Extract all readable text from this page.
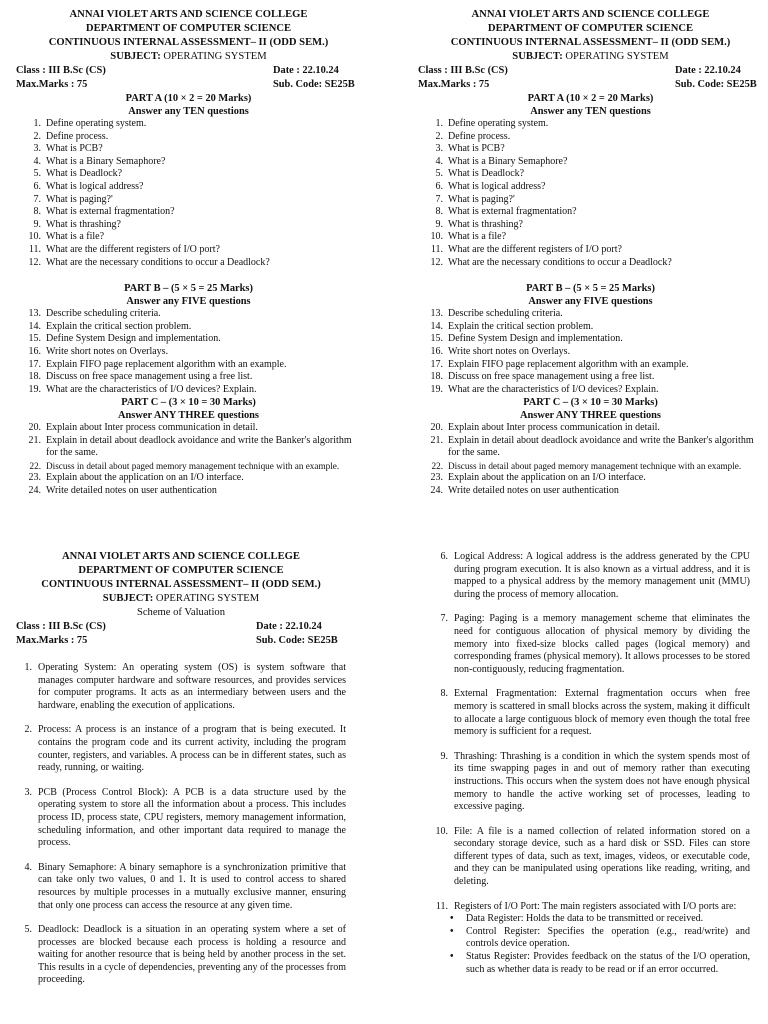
ANNAI VIOLET ARTS AND SCIENCE COLLEGE
DEPARTMENT OF COMPUTER SCIENCE
CONTINUOUS INTERNAL ASSESSMENT– II (ODD SEM.)
SUBJECT: OPERATING SYSTEM
Class : III B.Sc (CS)	Date : 22.10.24
Max.Marks : 75	Sub. Code: SE25B
PART A (10 × 2 = 20 Marks)
Answer any TEN questions
1. Define operating system.
2. Define process.
3. What is PCB?
4. What is a Binary Semaphore?
5. What is Deadlock?
6. What is logical address?
7. What is paging?'
8. What is external fragmentation?
9. What is thrashing?
10. What is a file?
11. What are the different registers of I/O port?
12. What are the necessary conditions to occur a Deadlock?
PART B – (5 × 5 = 25 Marks)
Answer any FIVE questions
13. Describe scheduling criteria.
14. Explain the critical section problem.
15. Define System Design and implementation.
16. Write short notes on Overlays.
17. Explain FIFO page replacement algorithm with an example.
18. Discuss on free space management using a free list.
19. What are the characteristics of I/O devices? Explain.
PART C – (3 × 10 = 30 Marks)
Answer ANY THREE questions
20. Explain about Inter process communication in detail.
21. Explain in detail about deadlock avoidance and write the Banker's algorithm for the same.
22. Discuss in detail about paged memory management technique with an example.
23. Explain about the application on an I/O interface.
24. Write detailed notes on user authentication
ANNAI VIOLET ARTS AND SCIENCE COLLEGE
DEPARTMENT OF COMPUTER SCIENCE
CONTINUOUS INTERNAL ASSESSMENT– II (ODD SEM.)
SUBJECT: OPERATING SYSTEM
Class : III B.Sc (CS)	Date : 22.10.24
Max.Marks : 75	Sub. Code: SE25B
PART A (10 × 2 = 20 Marks)
Answer any TEN questions
1. Define operating system.
2. Define process.
3. What is PCB?
4. What is a Binary Semaphore?
5. What is Deadlock?
6. What is logical address?
7. What is paging?'
8. What is external fragmentation?
9. What is thrashing?
10. What is a file?
11. What are the different registers of I/O port?
12. What are the necessary conditions to occur a Deadlock?
PART B – (5 × 5 = 25 Marks)
Answer any FIVE questions
13. Describe scheduling criteria.
14. Explain the critical section problem.
15. Define System Design and implementation.
16. Write short notes on Overlays.
17. Explain FIFO page replacement algorithm with an example.
18. Discuss on free space management using a free list.
19. What are the characteristics of I/O devices? Explain.
PART C – (3 × 10 = 30 Marks)
Answer ANY THREE questions
20. Explain about Inter process communication in detail.
21. Explain in detail about deadlock avoidance and write the Banker's algorithm for the same.
22. Discuss in detail about paged memory management technique with an example.
23. Explain about the application on an I/O interface.
24. Write detailed notes on user authentication
ANNAI VIOLET ARTS AND SCIENCE COLLEGE
DEPARTMENT OF COMPUTER SCIENCE
CONTINUOUS INTERNAL ASSESSMENT– II (ODD SEM.)
SUBJECT: OPERATING SYSTEM
Scheme of Valuation
Class : III B.Sc (CS)	Date : 22.10.24
Max.Marks : 75	Sub. Code: SE25B
1. Operating System: An operating system (OS) is system software that manages computer hardware and software resources, and provides services for computer programs. It acts as an intermediary between users and the hardware, enabling the execution of applications.
2. Process: A process is an instance of a program that is being executed. It contains the program code and its current activity, including the program counter, registers, and variables. A process can be in different states, such as ready, running, or waiting.
3. PCB (Process Control Block): A PCB is a data structure used by the operating system to store all the information about a process. This includes process ID, process state, CPU registers, memory management information, scheduling information, and other important data required to manage the process.
4. Binary Semaphore: A binary semaphore is a synchronization primitive that can take only two values, 0 and 1. It is used to control access to shared resources by multiple processes in a mutually exclusive manner, ensuring that only one process can access the resource at any given time.
5. Deadlock: Deadlock is a situation in an operating system where a set of processes are blocked because each process is holding a resource and waiting for another resource that is being held by another process in the set. This results in a cycle of dependencies, preventing any of the processes from proceeding.
6. Logical Address: A logical address is the address generated by the CPU during program execution. It is also known as a virtual address, and it is mapped to a physical address by the memory management unit (MMU) during the process of memory allocation.
7. Paging: Paging is a memory management scheme that eliminates the need for contiguous allocation of physical memory by dividing the memory into fixed-size blocks called pages (logical memory) and corresponding frames (physical memory). It allows processes to be stored non-contiguously, reducing fragmentation.
8. External Fragmentation: External fragmentation occurs when free memory is scattered in small blocks across the system, making it difficult to allocate a large contiguous block of memory even though the total free memory is sufficient for a request.
9. Thrashing: Thrashing is a condition in which the system spends most of its time swapping pages in and out of memory rather than executing instructions. This occurs when the system does not have enough physical memory to handle the active working set of processes, leading to excessive paging.
10. File: A file is a named collection of related information stored on a secondary storage device, such as a hard disk or SSD. Files can store different types of data, such as text, images, videos, or executable code, and they can be manipulated using operations like reading, writing, and deleting.
11. Registers of I/O Port: The main registers associated with I/O ports are:
•	Data Register: Holds the data to be transmitted or received.
•	Control Register: Specifies the operation (e.g., read/write) and controls device operation.
•	Status Register: Provides feedback on the status of the I/O operation, such as whether data is ready to be read or if an error occurred.
